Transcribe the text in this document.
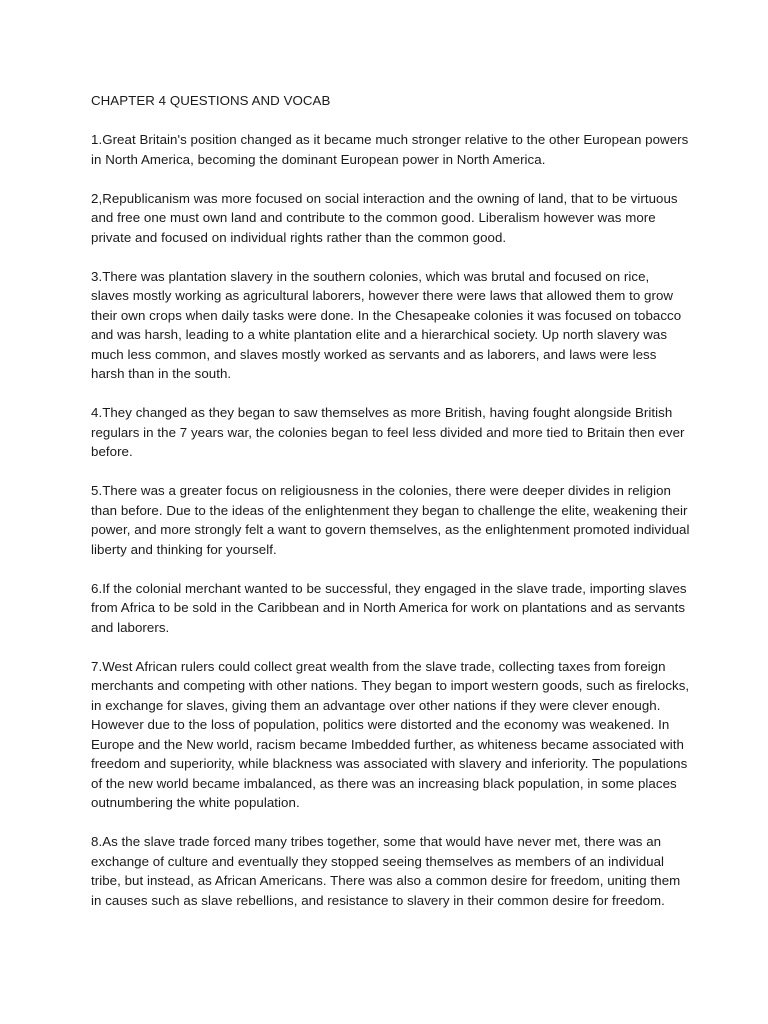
CHAPTER 4 QUESTIONS AND VOCAB

1.Great Britain's position changed as it became much stronger relative to the other European powers in North America, becoming the dominant European power in North America.

2,Republicanism was more focused on social interaction and the owning of land, that to be virtuous and free one must own land and contribute to the common good. Liberalism however was more private and focused on individual rights rather than the common good.

3.There was plantation slavery in the southern colonies, which was brutal and focused on rice, slaves mostly working as agricultural laborers, however there were laws that allowed them to grow their own crops when daily tasks were done. In the Chesapeake colonies it was focused on tobacco and was harsh, leading to a white plantation elite and a hierarchical society. Up north slavery was much less common, and slaves mostly worked as servants and as laborers, and laws were less harsh than in the south.

4.They changed as they began to saw themselves as more British, having fought alongside British regulars in the 7 years war, the colonies began to feel less divided and more tied to Britain then ever before.

5.There was a greater focus on religiousness in the colonies, there were deeper divides in religion than before. Due to the ideas of the enlightenment they began to challenge the elite, weakening their power, and more strongly felt a want to govern themselves, as the enlightenment promoted individual liberty and thinking for yourself.

6.If the colonial merchant wanted to be successful, they engaged in the slave trade, importing slaves from Africa to be sold in the Caribbean and in North America for work on plantations and as servants and laborers.

7.West African rulers could collect great wealth from the slave trade, collecting taxes from foreign merchants and competing with other nations. They began to import western goods, such as firelocks, in exchange for slaves, giving them an advantage over other nations if they were clever enough. However due to the loss of population, politics were distorted and the economy was weakened. In Europe and the New world, racism became Imbedded further, as whiteness became associated with freedom and superiority, while blackness was associated with slavery and inferiority. The populations of the new world became imbalanced, as there was an increasing black population, in some places outnumbering the white population.

8.As the slave trade forced many tribes together, some that would have never met, there was an exchange of culture and eventually they stopped seeing themselves as members of an individual tribe, but instead, as African Americans. There was also a common desire for freedom, uniting them in causes such as slave rebellions, and resistance to slavery in their common desire for freedom.
